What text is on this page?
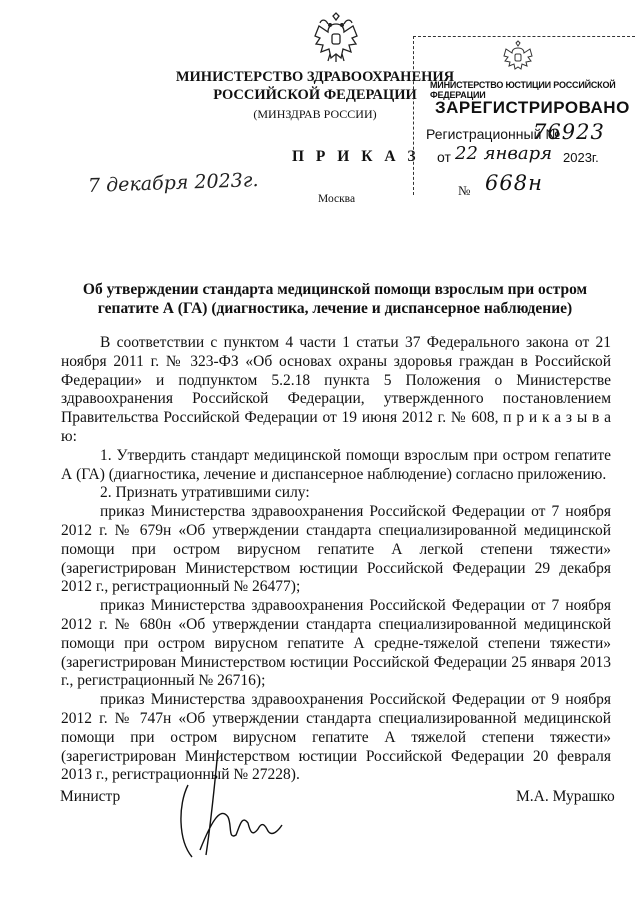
МИНИСТЕРСТВО ЗДРАВООХРАНЕНИЯ
РОССИЙСКОЙ ФЕДЕРАЦИИ
(МИНЗДРАВ РОССИИ)
П Р И К А З
7 декабря 2023г.
Москва
МИНИСТЕРСТВО ЮСТИЦИИ РОССИЙСКОЙ ФЕДЕРАЦИИ
ЗАРЕГИСТРИРОВАНО
Регистрационный №
76923
от 22 января 2023г.
№ 668н
Об утверждении стандарта медицинской помощи взрослым при остром
гепатите А (ГА) (диагностика, лечение и диспансерное наблюдение)

В соответствии с пунктом 4 части 1 статьи 37 Федерального закона от 21 ноября 2011 г. № 323-ФЗ «Об основах охраны здоровья граждан в Российской Федерации» и подпунктом 5.2.18 пункта 5 Положения о Министерстве здравоохранения Российской Федерации, утвержденного постановлением Правительства Российской Федерации от 19 июня 2012 г. № 608, п р и к а з ы в а ю:

1. Утвердить стандарт медицинской помощи взрослым при остром гепатите А (ГА) (диагностика, лечение и диспансерное наблюдение) согласно приложению.

2. Признать утратившими силу:

приказ Министерства здравоохранения Российской Федерации от 7 ноября 2012 г. № 679н «Об утверждении стандарта специализированной медицинской помощи при остром вирусном гепатите А легкой степени тяжести» (зарегистрирован Министерством юстиции Российской Федерации 29 декабря 2012 г., регистрационный № 26477);

приказ Министерства здравоохранения Российской Федерации от 7 ноября 2012 г. № 680н «Об утверждении стандарта специализированной медицинской помощи при остром вирусном гепатите А средне-тяжелой степени тяжести» (зарегистрирован Министерством юстиции Российской Федерации 25 января 2013 г., регистрационный № 26716);

приказ Министерства здравоохранения Российской Федерации от 9 ноября 2012 г. № 747н «Об утверждении стандарта специализированной медицинской помощи при остром вирусном гепатите А тяжелой степени тяжести» (зарегистрирован Министерством юстиции Российской Федерации 20 февраля 2013 г., регистрационный № 27228).

Министр	М.А. Мурашко
